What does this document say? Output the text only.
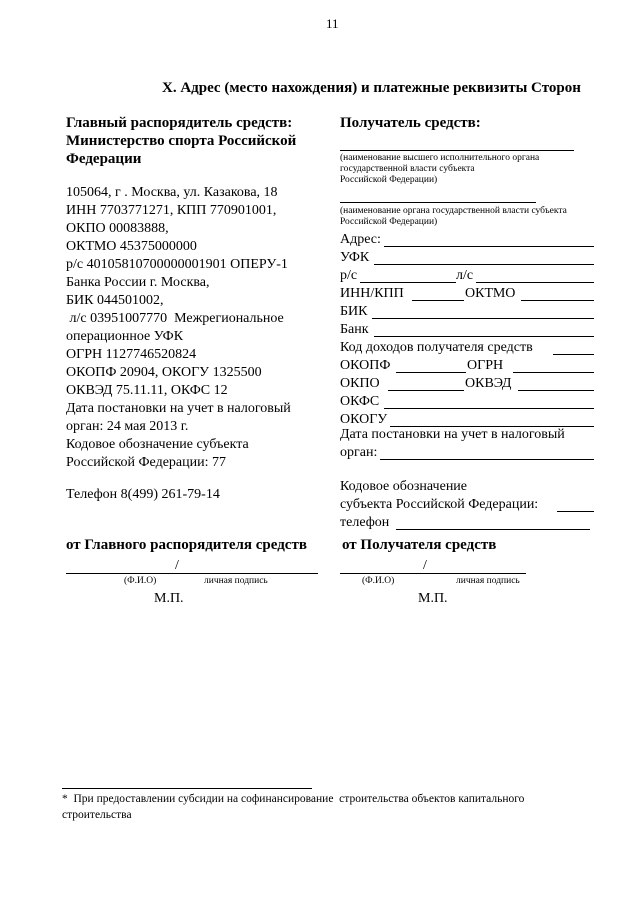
11
X. Адрес (место нахождения) и платежные реквизиты Сторон
Главный распорядитель средств:
Министерство спорта Российской
Федерации
105064, г . Москва, ул. Казакова, 18
ИНН 7703771271, КПП 770901001,
ОКПО 00083888,
ОКТМО 45375000000
р/с 40105810700000001901 ОПЕРУ-1
Банка России г. Москва,
БИК 044501002,
л/с 03951007770  Межрегиональное
операционное УФК
ОГРН 1127746520824
ОКОПФ 20904, ОКОГУ 1325500
ОКВЭД 75.11.11, ОКФС 12
Дата постановки на учет в налоговый
орган: 24 мая 2013 г.
Кодовое обозначение субъекта
Российской Федерации: 77
Телефон 8(499) 261-79-14
от Главного распорядителя средств
/
(Ф.И.О)	личная подпись
М.П.
Получатель средств:
(наименование высшего исполнительного органа
государственной власти субъекта
Российской Федерации)
(наименование органа государственной власти субъекта
Российской Федерации)
Адрес:
УФК
р/с	л/с
ИНН/КПП	ОКТМО
БИК
Банк
Код доходов получателя средств
ОКОПФ	ОГРН
ОКПО	ОКВЭД
ОКФС
ОКОГУ
Дата постановки на учет в налоговый
орган:
Кодовое обозначение
субъекта Российской Федерации:
телефон
от Получателя средств
/
(Ф.И.О)	личная подпись
М.П.
*  При предоставлении субсидии на софинансирование  строительства объектов капитального
строительства
